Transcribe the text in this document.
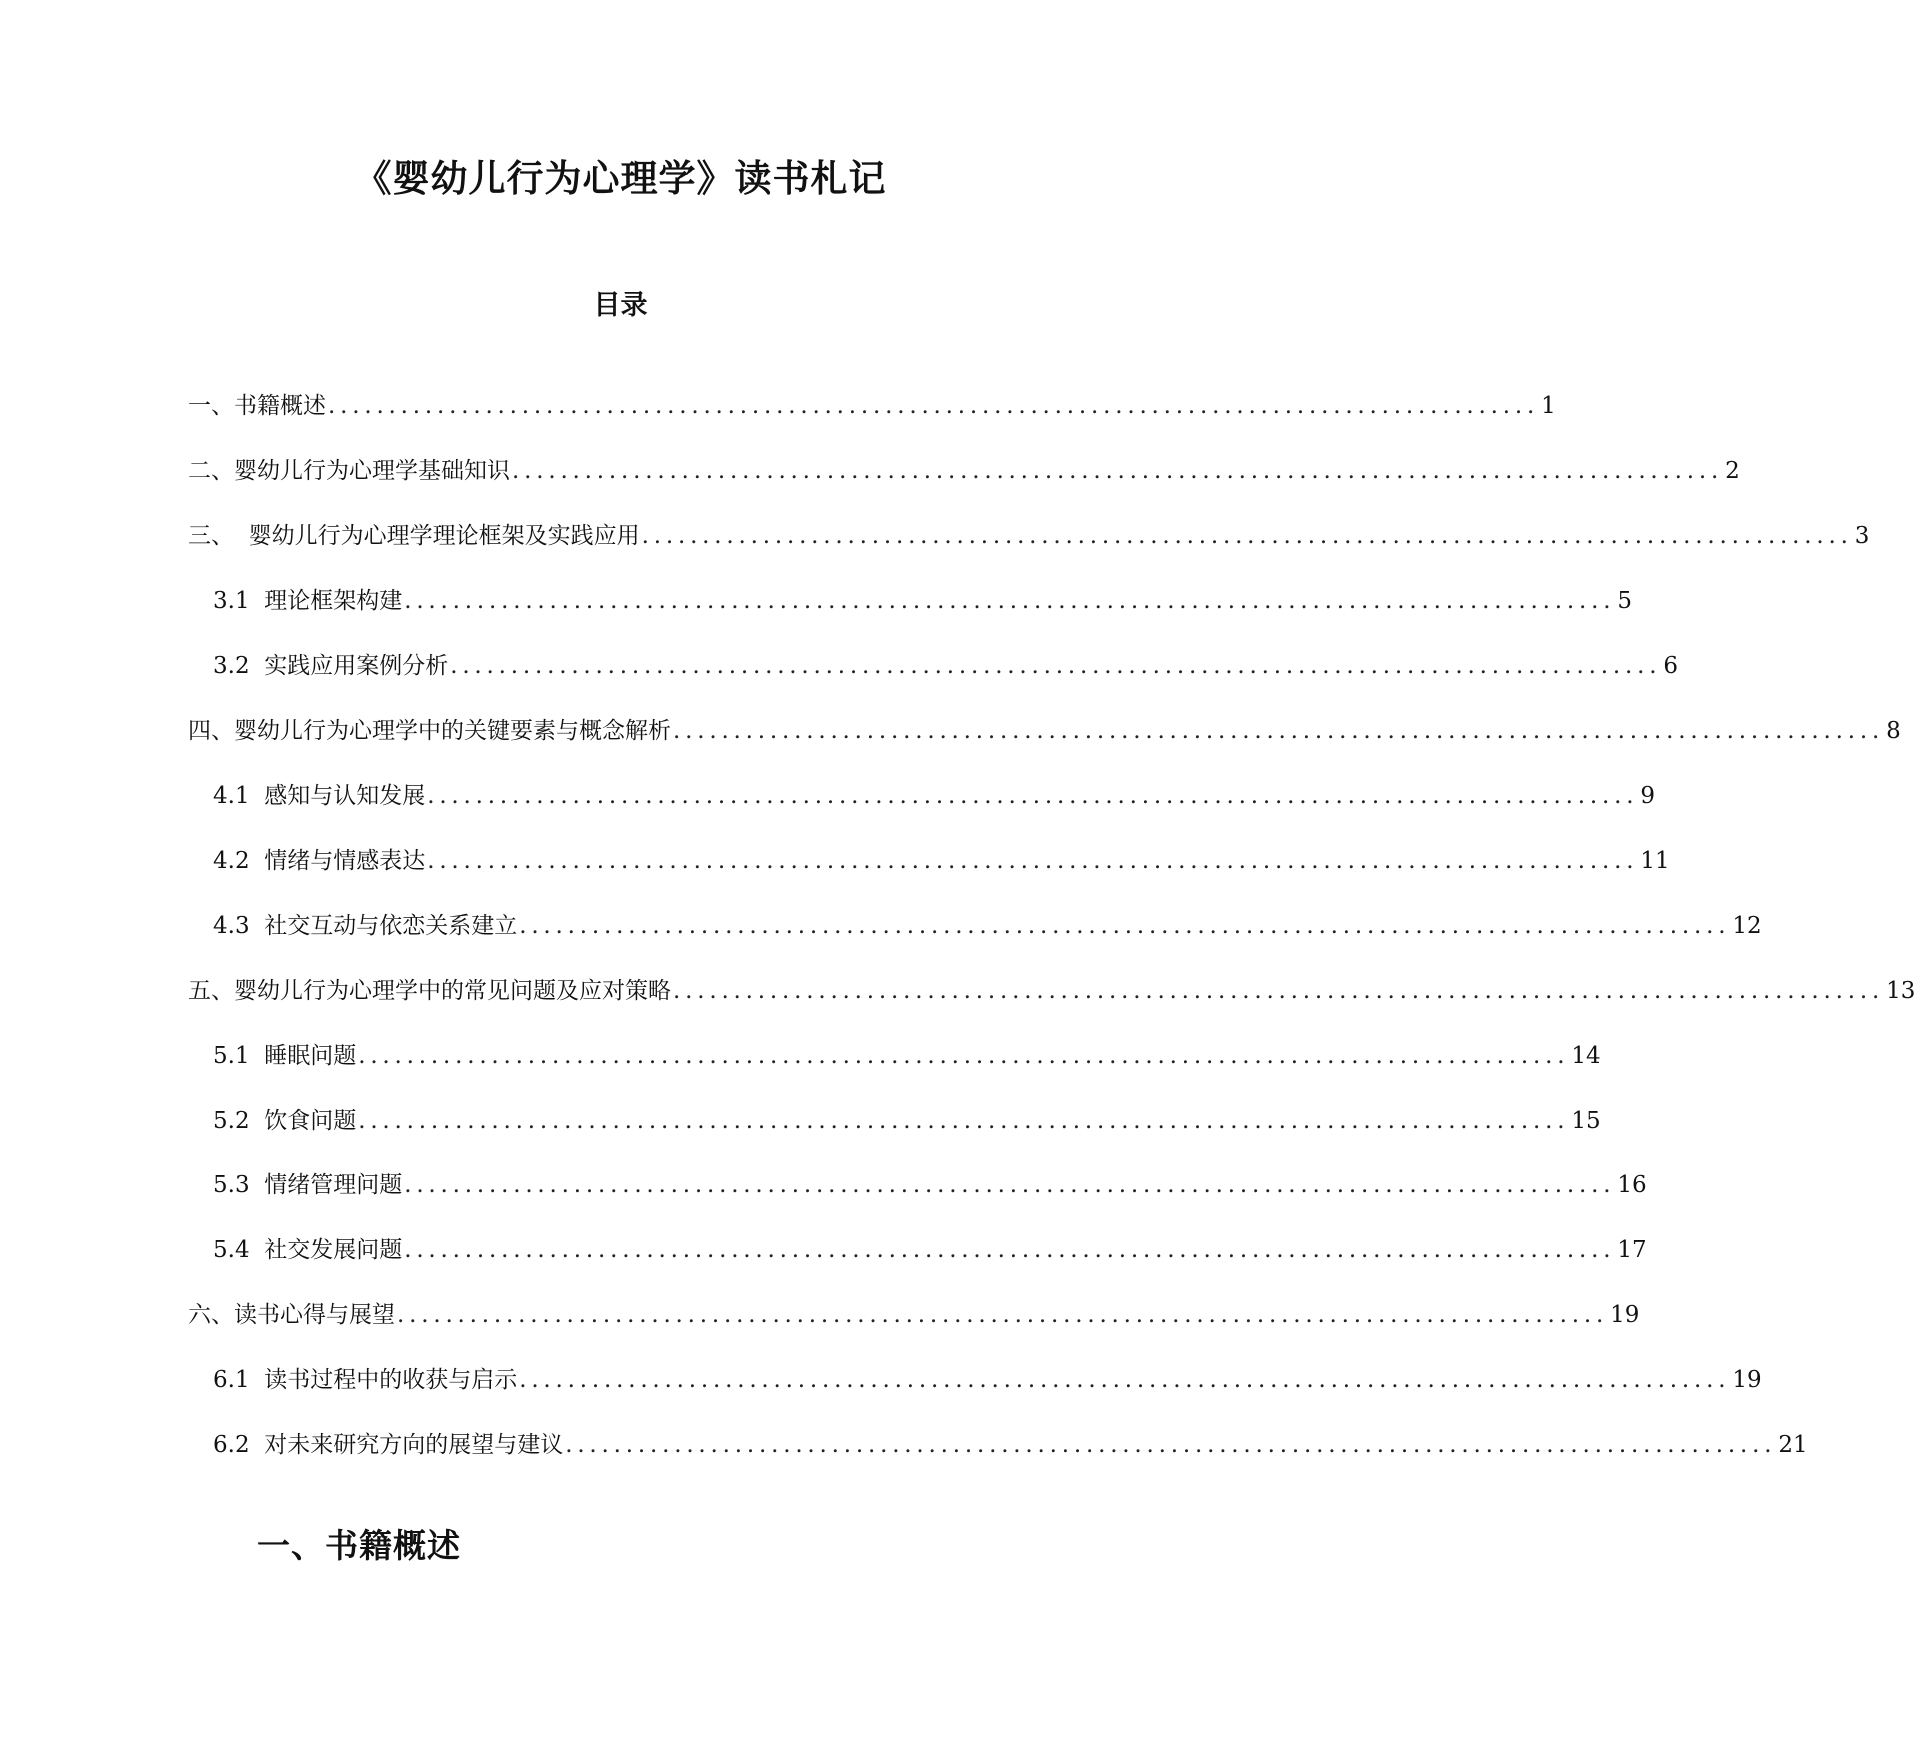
《婴幼儿行为心理学》读书札记
目录
一、书籍概述 .................................................................................................... 1
二、婴幼儿行为心理学基础知识 .................................................................................................... 2
三、  婴幼儿行为心理学理论框架及实践应用 .................................................................................................... 3
3.1  理论框架构建 .................................................................................................... 5
3.2  实践应用案例分析 .................................................................................................... 6
四、婴幼儿行为心理学中的关键要素与概念解析 .................................................................................................... 8
4.1  感知与认知发展 .................................................................................................... 9
4.2  情绪与情感表达 .................................................................................................... 11
4.3  社交互动与依恋关系建立 .................................................................................................... 12
五、婴幼儿行为心理学中的常见问题及应对策略 .................................................................................................... 13
5.1  睡眠问题 .................................................................................................... 14
5.2  饮食问题 .................................................................................................... 15
5.3  情绪管理问题 .................................................................................................... 16
5.4  社交发展问题 .................................................................................................... 17
六、读书心得与展望 .................................................................................................... 19
6.1  读书过程中的收获与启示 .................................................................................................... 19
6.2  对未来研究方向的展望与建议 .................................................................................................... 21
一、书籍概述
